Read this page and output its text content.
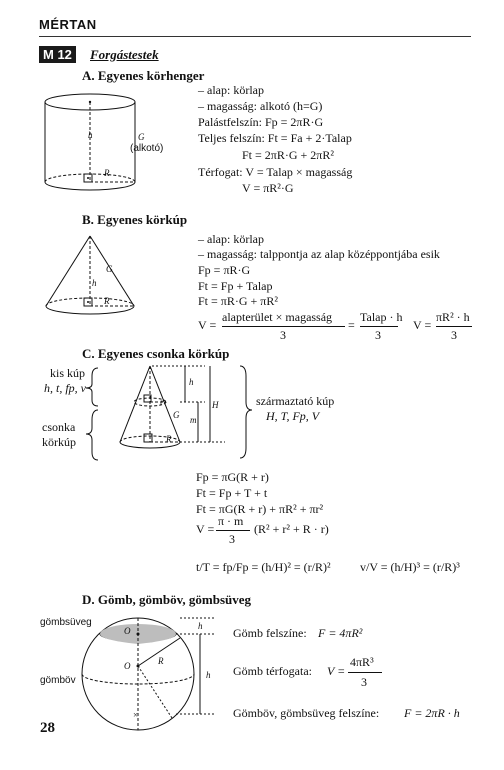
MÉRTAN
M 12	Forgástestek
A. Egyenes körhenger
h	G
(alkotó)
R
– alap: körlap
– magasság: alkotó (h=G)
Palástfelszín: Fp = 2πR·G
Teljes felszín: Ft = Fa + 2·Talap
Ft = 2πR·G + 2πR²
Térfogat: V = Talap × magasság
V = πR²·G
B. Egyenes körkúp
h
G
R
– alap: körlap
– magasság: talppontja az alap középpontjába esik
Fp = πR·G
Ft = Fp + Talap
Ft = πR·G + πR²
V =
alapterület × magasság
3
=
Talap · h
3
V =
πR² · h
3
C. Egyenes csonka körkúp
kis kúp
h, t, fp, v
csonka
körkúp
h
r
G m
H
R
származtató kúp
H, T, Fp, V
Fp = πG(R + r)
Ft = Fp + T + t
Ft = πG(R + r) + πR² + πr²
V =
π · m
3
(R² + r² + R · r)
t/T = fp/Fp = (h/H)² = (r/R)² v/V = (h/H)³ = (r/R)³
D. Gömb, gömböv, gömbsüveg
gömbsüveg
gömböv
×
O
O	R
h
h
Gömb felszíne: F = 4πR²
Gömb térfogata: V =
4πR³
3
Gömböv, gömbsüveg felszíne: F = 2πR · h
28
